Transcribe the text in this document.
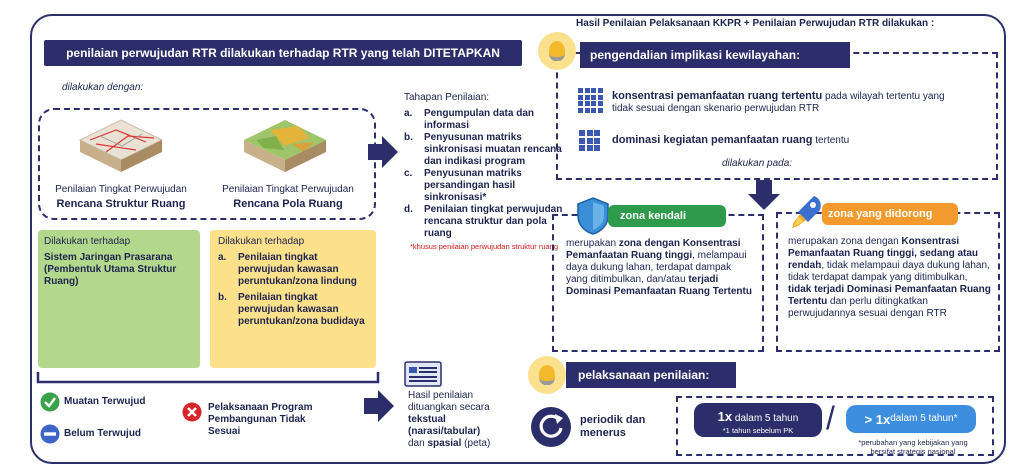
penilaian perwujudan RTR dilakukan terhadap RTR yang telah DITETAPKAN
dilakukan dengan:
Penilaian Tingkat Perwujudan
Rencana Struktur Ruang
Penilaian Tingkat Perwujudan
Rencana Pola Ruang
Dilakukan terhadap
Sistem Jaringan Prasarana (Pembentuk Utama Struktur Ruang)
Dilakukan terhadap
a.	Penilaian tingkat perwujudan kawasan peruntukan/zona lindung
b.	Penilaian tingkat perwujudan kawasan peruntukan/zona budidaya
Muatan Terwujud
Belum Terwujud
Pelaksanaan Program Pembangunan Tidak Sesuai
Tahapan Penilaian:
a.	Pengumpulan data dan informasi
b.	Penyusunan matriks sinkronisasi muatan rencana dan indikasi program
c.	Penyusunan matriks persandingan hasil sinkronisasi*
d.	Penilaian tingkat perwujudan rencana struktur dan pola ruang
*khusus penilaian perwujudan struktur ruang
Hasil penilaian
dituangkan secara
tekstual
(narasi/tabular)
dan spasial (peta)
Hasil Penilaian Pelaksanaan KKPR + Penilaian Perwujudan RTR dilakukan :
pengendalian implikasi kewilayahan:
konsentrasi pemanfaatan ruang tertentu pada wilayah tertentu yang tidak sesuai dengan skenario perwujudan RTR
dominasi kegiatan pemanfaatan ruang tertentu
dilakukan pada:
zona kendali
merupakan zona dengan Konsentrasi Pemanfaatan Ruang tinggi, melampaui daya dukung lahan, terdapat dampak yang ditimbulkan, dan/atau terjadi Dominasi Pemanfaatan Ruang Tertentu
zona yang didorong
merupakan zona dengan Konsentrasi Pemanfaatan Ruang tinggi, sedang atau rendah, tidak melampaui daya dukung lahan, tidak terdapat dampak yang ditimbulkan, tidak terjadi Dominasi Pemanfaatan Ruang Tertentu dan perlu ditingkatkan perwujudannya sesuai dengan RTR
pelaksanaan penilaian:
periodik dan menerus
1x dalam 5 tahun
*1 tahun sebelum PK	/ > 1x dalam 5 tahun*
*perubahan yang kebijakan yang bersifat strategis nasional
